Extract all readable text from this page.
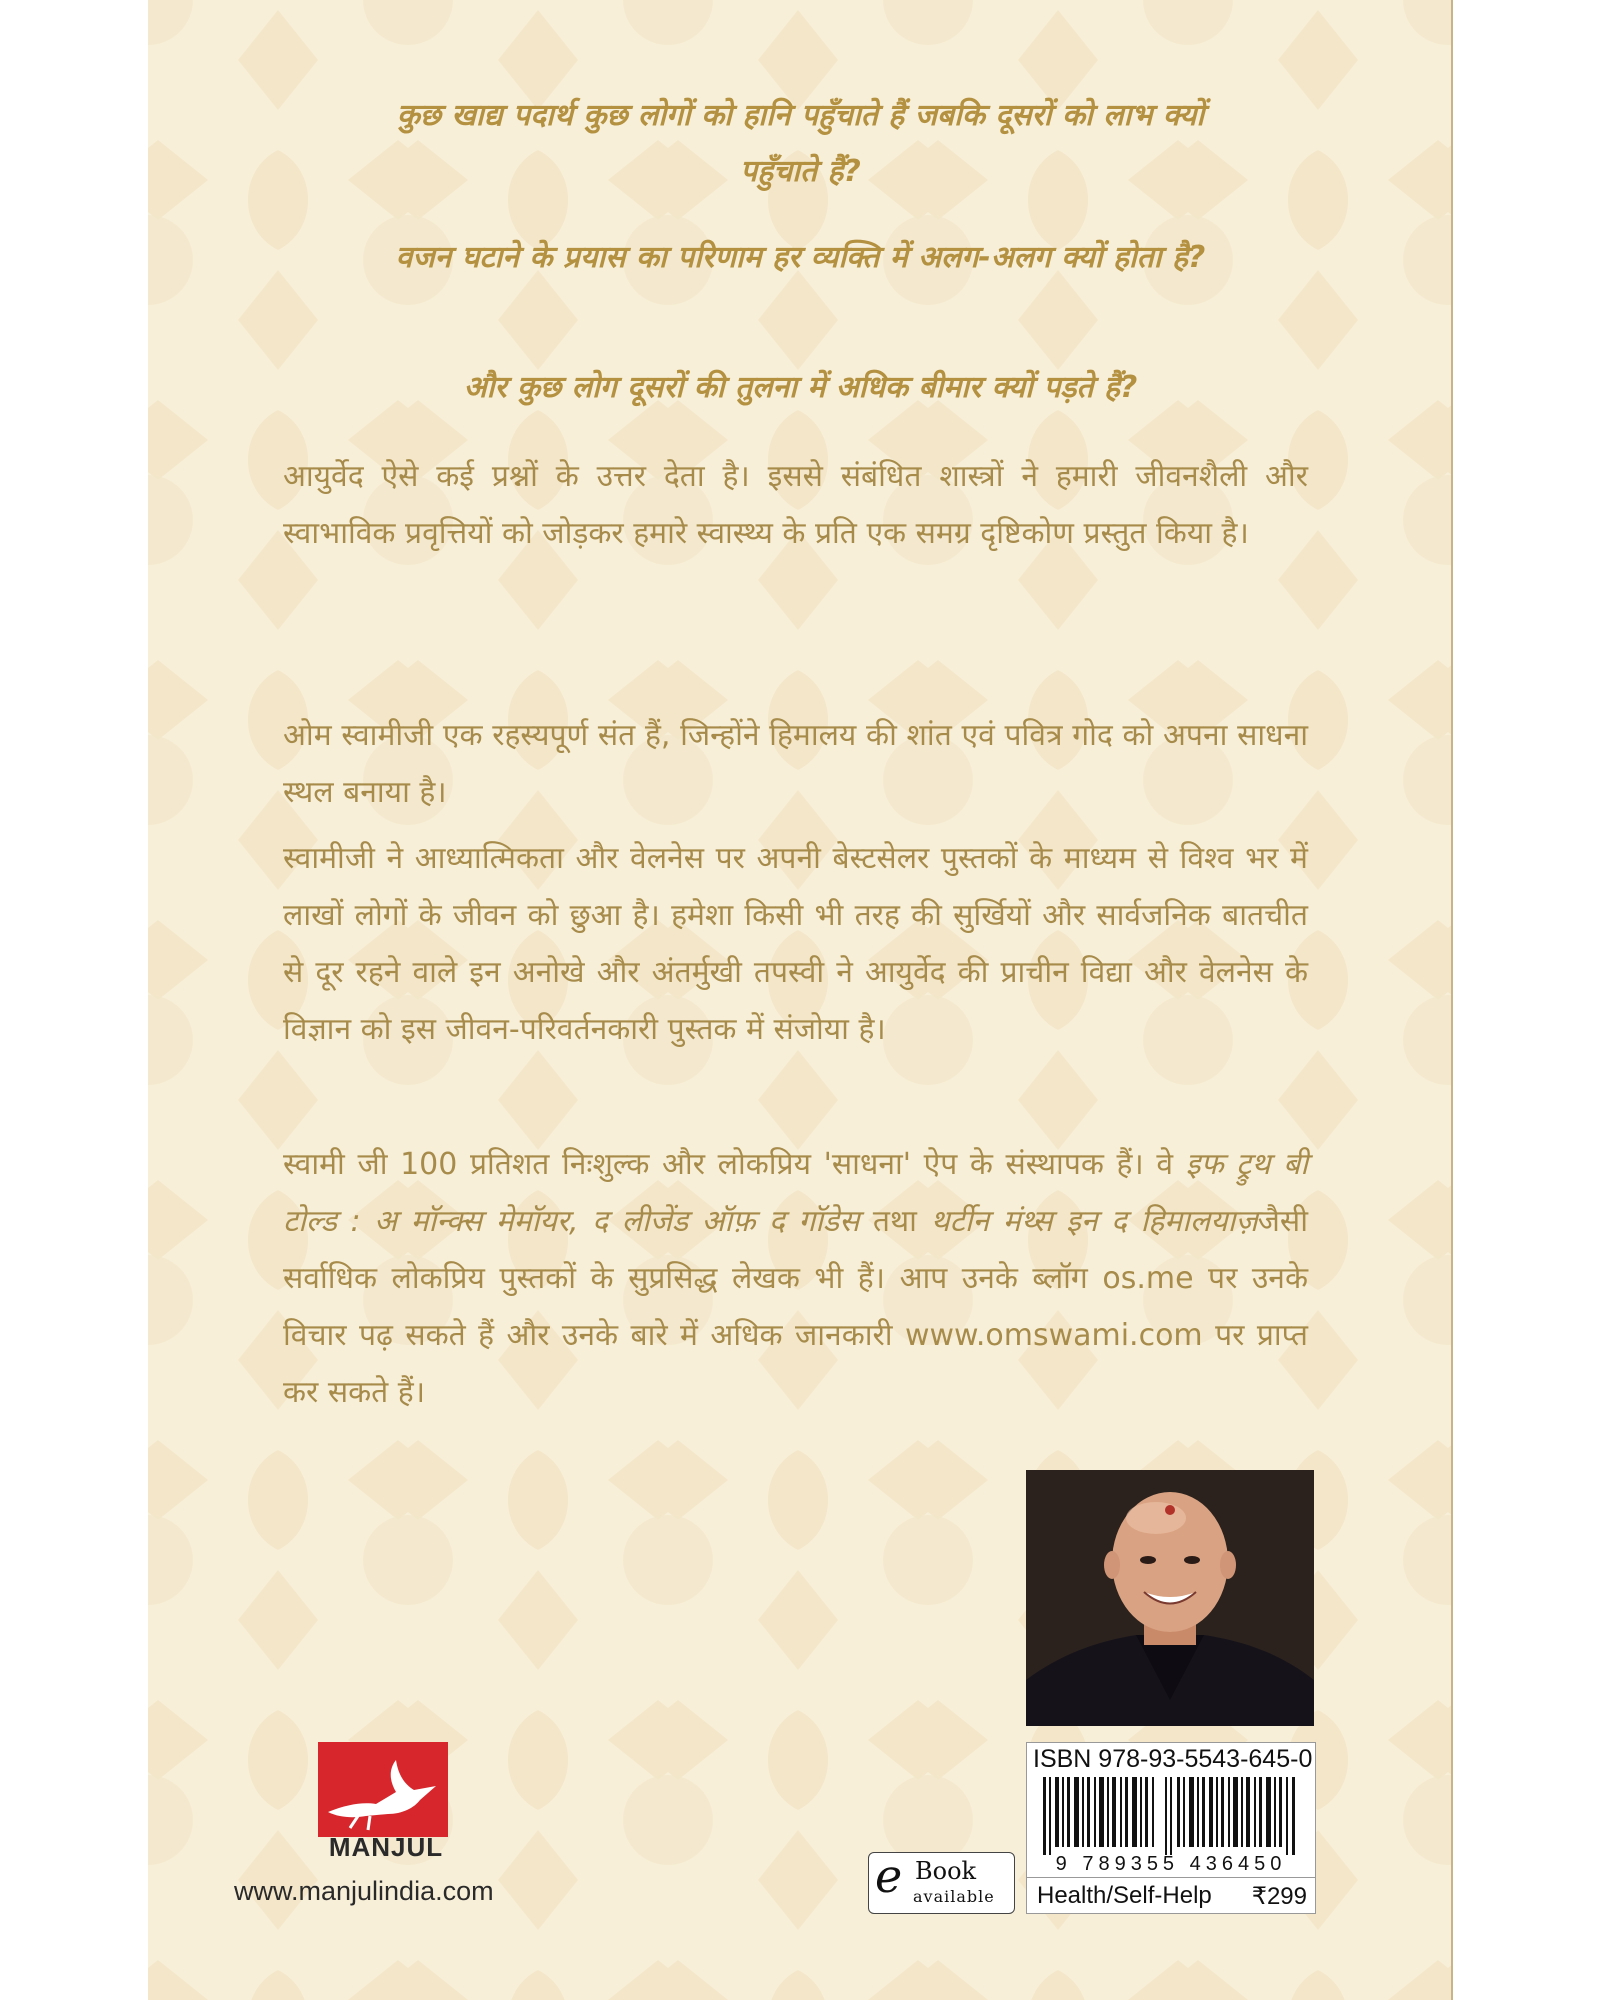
कुछ खाद्य पदार्थ कुछ लोगों को हानि पहुँचाते हैं जबकि दूसरों को लाभ क्यों पहुँचाते हैं?

वजन घटाने के प्रयास का परिणाम हर व्यक्ति में अलग-अलग क्यों होता है?

और कुछ लोग दूसरों की तुलना में अधिक बीमार क्यों पड़ते हैं?

आयुर्वेद ऐसे कई प्रश्नों के उत्तर देता है। इससे संबंधित शास्त्रों ने हमारी जीवनशैली और स्वाभाविक प्रवृत्तियों को जोड़कर हमारे स्वास्थ्य के प्रति एक समग्र दृष्टिकोण प्रस्तुत किया है।

ओम स्वामीजी एक रहस्यपूर्ण संत हैं, जिन्होंने हिमालय की शांत एवं पवित्र गोद को अपना साधना स्थल बनाया है।

स्वामीजी ने आध्यात्मिकता और वेलनेस पर अपनी बेस्टसेलर पुस्तकों के माध्यम से विश्व भर में लाखों लोगों के जीवन को छुआ है। हमेशा किसी भी तरह की सुर्खियों और सार्वजनिक बातचीत से दूर रहने वाले इन अनोखे और अंतर्मुखी तपस्वी ने आयुर्वेद की प्राचीन विद्या और वेलनेस के विज्ञान को इस जीवन-परिवर्तनकारी पुस्तक में संजोया है।

स्वामी जी 100 प्रतिशत निःशुल्क और लोकप्रिय 'साधना' ऐप के संस्थापक हैं। वे इफ ट्रुथ बी टोल्ड : अ मॉन्क्स मेमॉयर, द लीजेंड ऑफ़ द गॉडेस तथा थर्टीन मंथ्स इन द हिमालयाज़जैसी सर्वाधिक लोकप्रिय पुस्तकों के सुप्रसिद्ध लेखक भी हैं। आप उनके ब्लॉग os.me पर उनके विचार पढ़ सकते हैं और उनके बारे में अधिक जानकारी www.omswami.com पर प्राप्त कर सकते हैं।

ISBN 978-93-5543-645-0
9 789355 436450
Health/Self-Help ₹299
e Book
available
MANJUL
www.manjulindia.com
